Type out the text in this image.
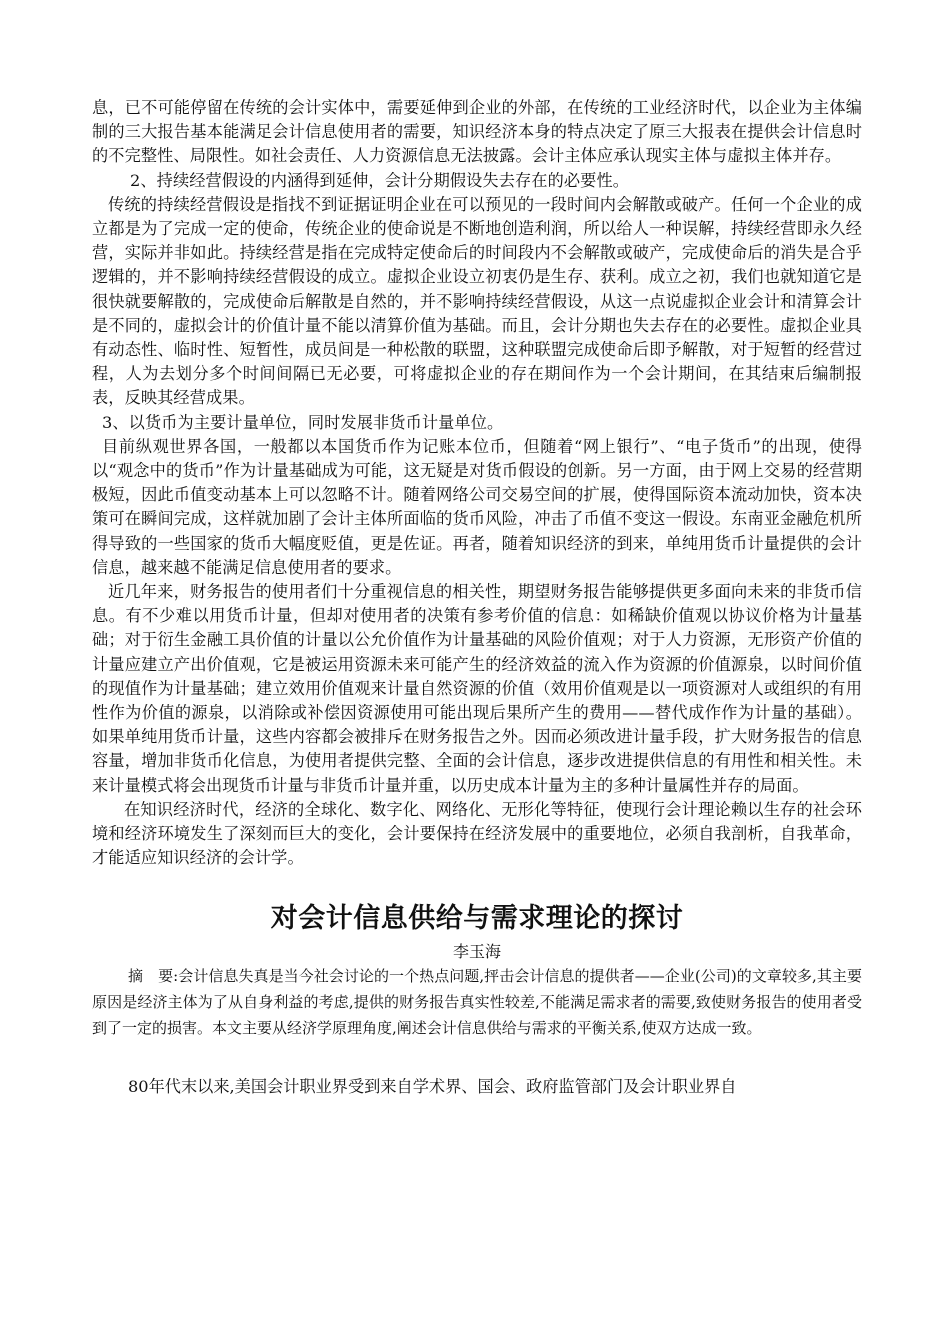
息，已不可能停留在传统的会计实体中，需要延伸到企业的外部，在传统的工业经济时代，以企业为主体编制的三大报告基本能满足会计信息使用者的需要，知识经济本身的特点决定了原三大报表在提供会计信息时的不完整性、局限性。如社会责任、人力资源信息无法披露。会计主体应承认现实主体与虚拟主体并存。

2、持续经营假设的内涵得到延伸，会计分期假设失去存在的必要性。

传统的持续经营假设是指找不到证据证明企业在可以预见的一段时间内会解散或破产。任何一个企业的成立都是为了完成一定的使命，传统企业的使命说是不断地创造利润，所以给人一种误解，持续经营即永久经营，实际并非如此。持续经营是指在完成特定使命后的时间段内不会解散或破产，完成使命后的消失是合乎逻辑的，并不影响持续经营假设的成立。虚拟企业设立初衷仍是生存、获利。成立之初，我们也就知道它是很快就要解散的，完成使命后解散是自然的，并不影响持续经营假设，从这一点说虚拟企业会计和清算会计是不同的，虚拟会计的价值计量不能以清算价值为基础。而且，会计分期也失去存在的必要性。虚拟企业具有动态性、临时性、短暂性，成员间是一种松散的联盟，这种联盟完成使命后即予解散，对于短暂的经营过程，人为去划分多个时间间隔已无必要，可将虚拟企业的存在期间作为一个会计期间，在其结束后编制报表，反映其经营成果。

3、以货币为主要计量单位，同时发展非货币计量单位。

目前纵观世界各国，一般都以本国货币作为记账本位币，但随着“网上银行”、“电子货币”的出现，使得以“观念中的货币”作为计量基础成为可能，这无疑是对货币假设的创新。另一方面，由于网上交易的经营期极短，因此币值变动基本上可以忽略不计。随着网络公司交易空间的扩展，使得国际资本流动加快，资本决策可在瞬间完成，这样就加剧了会计主体所面临的货币风险，冲击了币值不变这一假设。东南亚金融危机所得导致的一些国家的货币大幅度贬值，更是佐证。再者，随着知识经济的到来，单纯用货币计量提供的会计信息，越来越不能满足信息使用者的要求。

近几年来，财务报告的使用者们十分重视信息的相关性，期望财务报告能够提供更多面向未来的非货币信息。有不少难以用货币计量，但却对使用者的决策有参考价值的信息：如稀缺价值观以协议价格为计量基础；对于衍生金融工具价值的计量以公允价值作为计量基础的风险价值观；对于人力资源，无形资产价值的计量应建立产出价值观，它是被运用资源未来可能产生的经济效益的流入作为资源的价值源泉，以时间价值的现值作为计量基础；建立效用价值观来计量自然资源的价值（效用价值观是以一项资源对人或组织的有用性作为价值的源泉，以消除或补偿因资源使用可能出现后果所产生的费用——替代成作作为计量的基础）。如果单纯用货币计量，这些内容都会被排斥在财务报告之外。因而必须改进计量手段，扩大财务报告的信息容量，增加非货币化信息，为使用者提供完整、全面的会计信息，逐步改进提供信息的有用性和相关性。未来计量模式将会出现货币计量与非货币计量并重，以历史成本计量为主的多种计量属性并存的局面。

在知识经济时代，经济的全球化、数字化、网络化、无形化等特征，使现行会计理论赖以生存的社会环境和经济环境发生了深刻而巨大的变化，会计要保持在经济发展中的重要地位，必须自我剖析，自我革命，才能适应知识经济的会计学。

对会计信息供给与需求理论的探讨
李玉海

摘　要:会计信息失真是当今社会讨论的一个热点问题,抨击会计信息的提供者——企业(公司)的文章较多,其主要原因是经济主体为了从自身利益的考虑,提供的财务报告真实性较差,不能满足需求者的需要,致使财务报告的使用者受到了一定的损害。本文主要从经济学原理角度,阐述会计信息供给与需求的平衡关系,使双方达成一致。

80年代末以来,美国会计职业界受到来自学术界、国会、政府监管部门及会计职业界自
